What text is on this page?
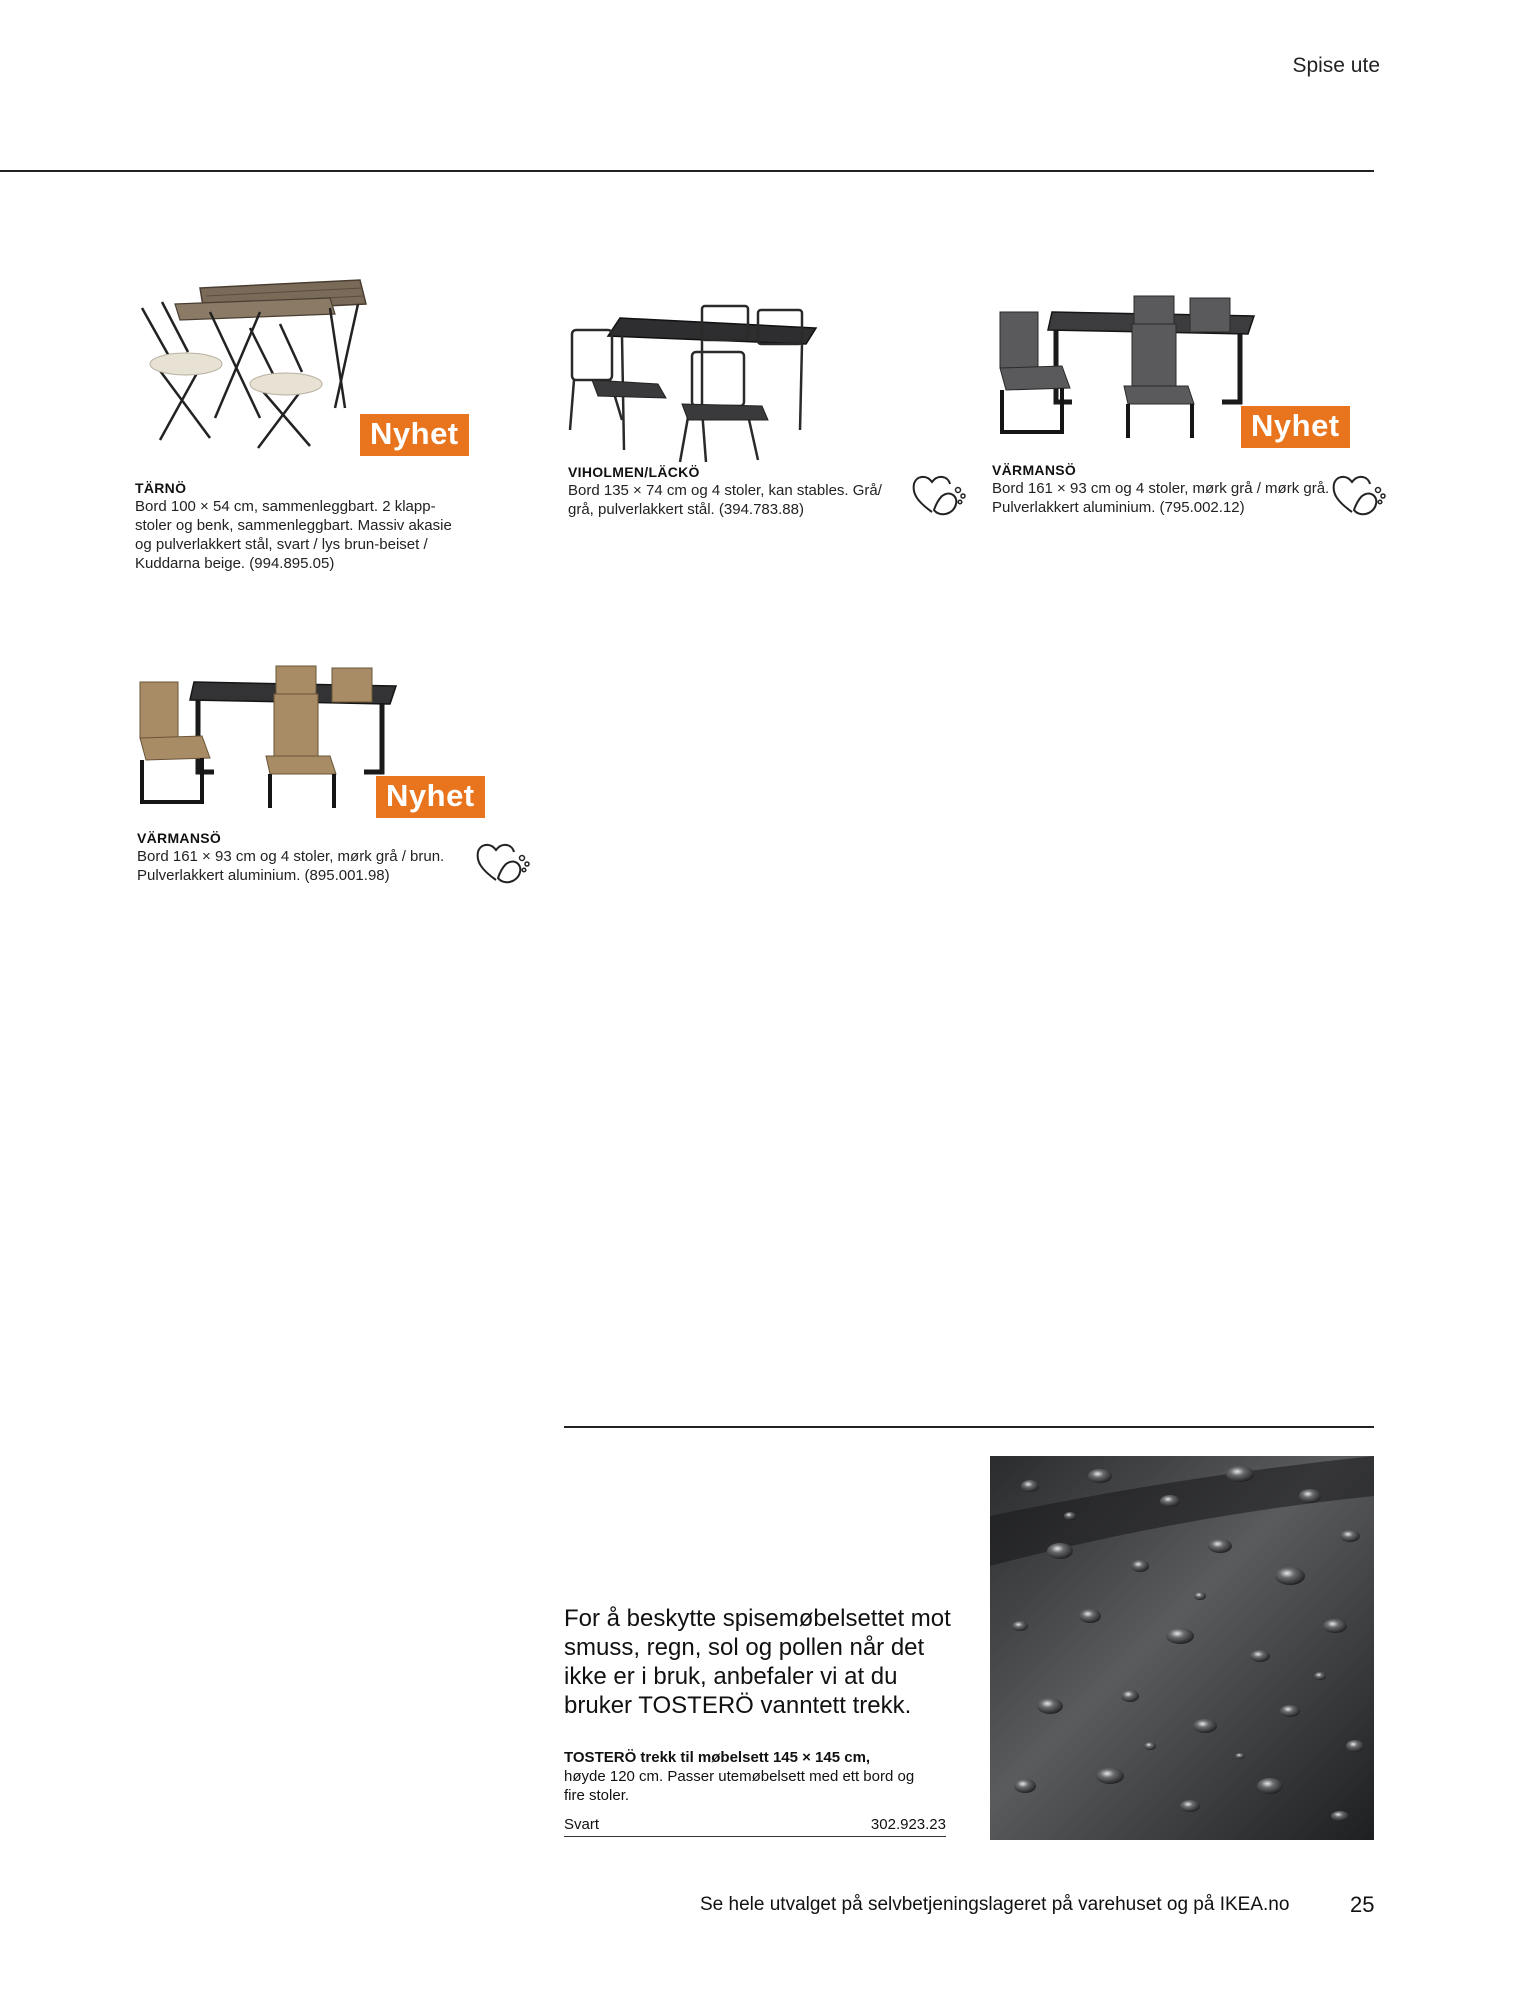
Spise ute
Nyhet
TÄRNÖ
Bord 100 × 54 cm, sammenleggbart. 2 klapp-stoler og benk, sammenleggbart. Massiv akasie og pulverlakkert stål, svart / lys brun-beiset / Kuddarna beige. (994.895.05)
VIHOLMEN/LÄCKÖ
Bord 135 × 74 cm og 4 stoler, kan stables. Grå/ grå, pulverlakkert stål. (394.783.88)
Nyhet
VÄRMANSÖ
Bord 161 × 93 cm og 4 stoler, mørk grå / mørk grå. Pulverlakkert aluminium. (795.002.12)
Nyhet
VÄRMANSÖ
Bord 161 × 93 cm og 4 stoler, mørk grå / brun. Pulverlakkert aluminium. (895.001.98)
For å beskytte spisemøbelsettet mot smuss, regn, sol og pollen når det ikke er i bruk, anbefaler vi at du bruker TOSTERÖ vanntett trekk.
TOSTERÖ trekk til møbelsett 145 × 145 cm,
høyde 120 cm. Passer utemøbelsett med ett bord og fire stoler.
Svart	302.923.23
Se hele utvalget på selvbetjeningslageret på varehuset og på IKEA.no	25
